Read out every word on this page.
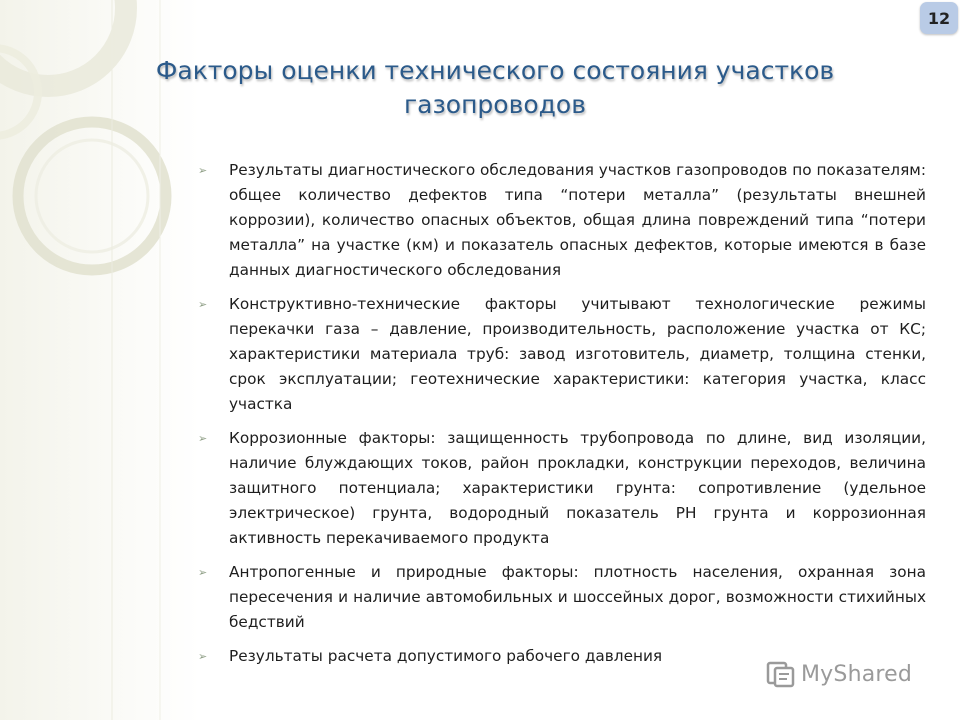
12
Факторы оценки технического состояния участков газопроводов
➢ Результаты диагностического обследования участков газопроводов по показателям: общее количество дефектов типа “потери металла” (результаты внешней коррозии), количество опасных объектов, общая длина повреждений типа “потери металла” на участке (км) и показатель опасных дефектов, которые имеются в базе данных диагностического обследования
➢ Конструктивно-технические факторы учитывают технологические режимы перекачки газа – давление, производительность, расположение участка от КС; характеристики материала труб: завод изготовитель, диаметр, толщина стенки, срок эксплуатации; геотехнические характеристики: категория участка, класс участка
➢ Коррозионные факторы: защищенность трубопровода по длине, вид изоляции, наличие блуждающих токов, район прокладки, конструкции переходов, величина защитного потенциала; характеристики грунта: сопротивление (удельное электрическое) грунта, водородный показатель РН грунта и коррозионная активность перекачиваемого продукта
➢ Антропогенные и природные факторы: плотность населения, охранная зона пересечения и наличие автомобильных и шоссейных дорог, возможности стихийных бедствий
➢ Результаты расчета допустимого рабочего давления
MyShared
